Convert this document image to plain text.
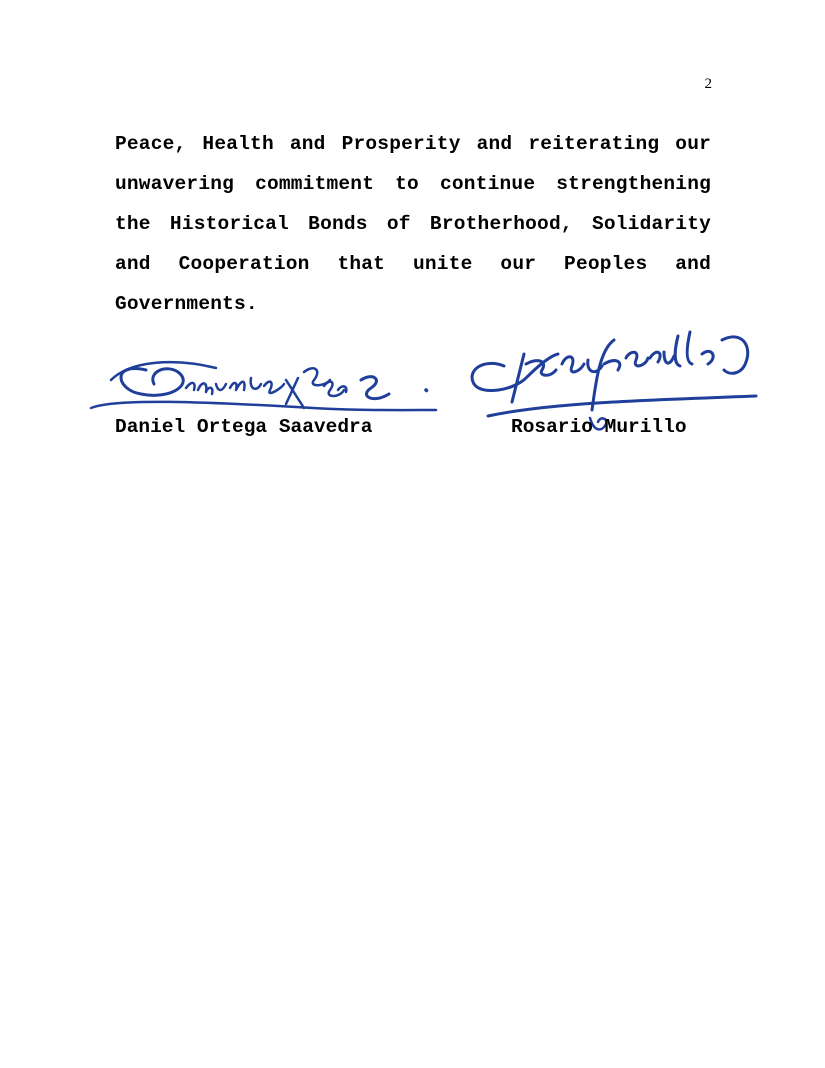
2

Peace, Health and Prosperity and reiterating our unwavering commitment to continue strengthening the Historical Bonds of Brotherhood, Solidarity and Cooperation that unite our Peoples and Governments.

Daniel Ortega Saavedra	Rosario Murillo
